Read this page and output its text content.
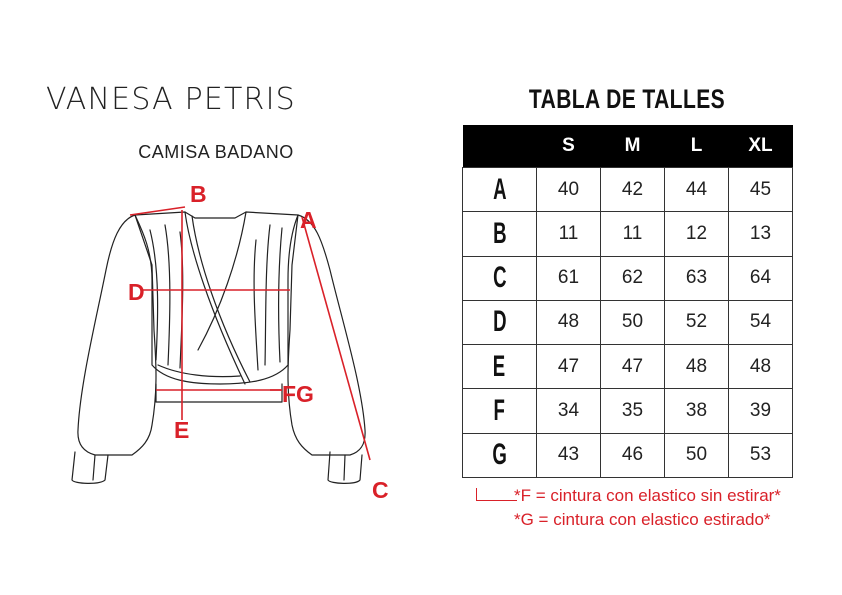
VANESA PETRIS
CAMISA BADANO
B
A
D
E
FG
C
TABLA DE TALLES
	S	M	L	XL
A	40	42	44	45
B	11	11	12	13
C	61	62	63	64
D	48	50	52	54
E	47	47	48	48
F	34	35	38	39
G	43	46	50	53
*F = cintura con elastico sin estirar*
*G = cintura con elastico estirado*
